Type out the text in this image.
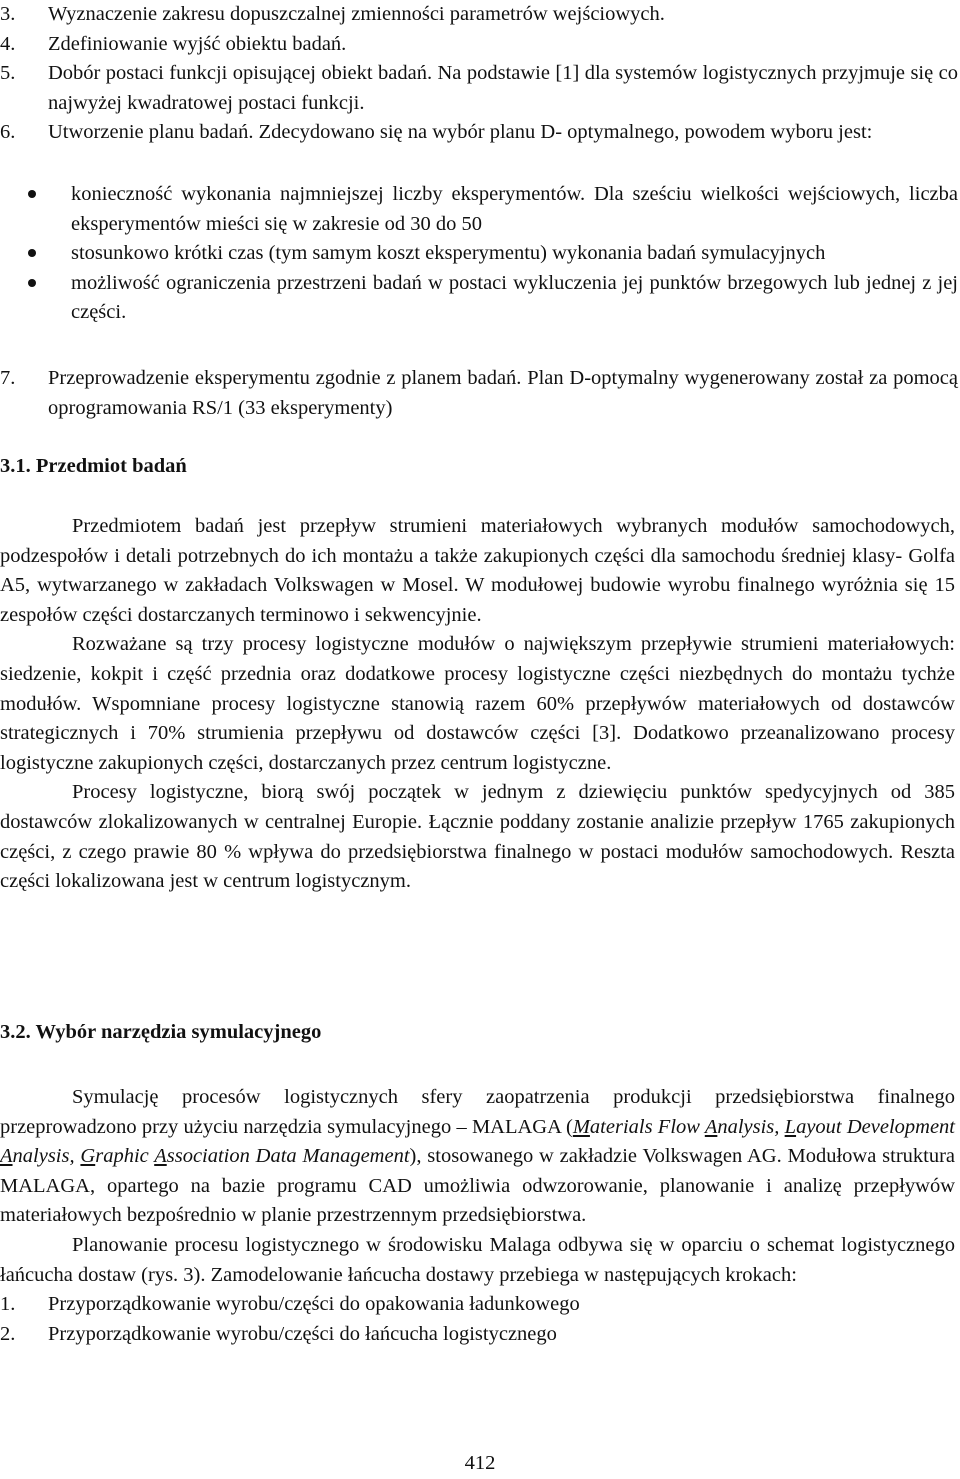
3.	Wyznaczenie zakresu dopuszczalnej zmienności parametrów wejściowych.
4.	Zdefiniowanie wyjść obiektu badań.
5.	Dobór postaci funkcji opisującej obiekt badań. Na podstawie [1] dla systemów logistycznych przyjmuje się co najwyżej kwadratowej postaci funkcji.
6.	Utworzenie planu badań. Zdecydowano się na wybór planu D- optymalnego, powodem wyboru jest:
konieczność wykonania najmniejszej liczby eksperymentów. Dla sześciu wielkości wejściowych, liczba eksperymentów mieści się w zakresie od 30 do 50
stosunkowo krótki czas (tym samym koszt eksperymentu) wykonania badań symulacyjnych
możliwość ograniczenia przestrzeni badań w postaci wykluczenia jej punktów brzegowych lub jednej z jej części.
7.	Przeprowadzenie eksperymentu zgodnie z planem badań. Plan D-optymalny wygenerowany został za pomocą oprogramowania RS/1 (33 eksperymenty)
3.1. Przedmiot badań

Przedmiotem badań jest przepływ strumieni materiałowych wybranych modułów samochodowych, podzespołów i detali potrzebnych do ich montażu a także zakupionych części dla samochodu średniej klasy- Golfa A5, wytwarzanego w zakładach Volkswagen w Mosel. W modułowej budowie wyrobu finalnego wyróżnia się 15 zespołów części dostarczanych terminowo i sekwencyjnie.

Rozważane są trzy procesy logistyczne modułów o największym przepływie strumieni materiałowych: siedzenie, kokpit i część przednia oraz dodatkowe procesy logistyczne części niezbędnych do montażu tychże modułów. Wspomniane procesy logistyczne stanowią razem 60% przepływów materiałowych od dostawców strategicznych i 70% strumienia przepływu od dostawców części [3]. Dodatkowo przeanalizowano procesy logistyczne zakupionych części, dostarczanych przez centrum logistyczne.

Procesy logistyczne, biorą swój początek w jednym z dziewięciu punktów spedycyjnych od 385 dostawców zlokalizowanych w centralnej Europie. Łącznie poddany zostanie analizie przepływ 1765 zakupionych części, z czego prawie 80 % wpływa do przedsiębiorstwa finalnego w postaci modułów samochodowych. Reszta części lokalizowana jest w centrum logistycznym.

3.2. Wybór narzędzia symulacyjnego

Symulację procesów logistycznych sfery zaopatrzenia produkcji przedsiębiorstwa finalnego przeprowadzono przy użyciu narzędzia symulacyjnego – MALAGA (Materials Flow Analysis, Layout Development Analysis, Graphic Association Data Management), stosowanego w zakładzie Volkswagen AG. Modułowa struktura MALAGA, opartego na bazie programu CAD umożliwia odwzorowanie, planowanie i analizę przepływów materiałowych bezpośrednio w planie przestrzennym przedsiębiorstwa.

Planowanie procesu logistycznego w środowisku Malaga odbywa się w oparciu o schemat logistycznego łańcucha dostaw (rys. 3). Zamodelowanie łańcucha dostawy przebiega w następujących krokach:

1.	Przyporządkowanie wyrobu/części do opakowania ładunkowego
2.	Przyporządkowanie wyrobu/części do łańcucha logistycznego
412
